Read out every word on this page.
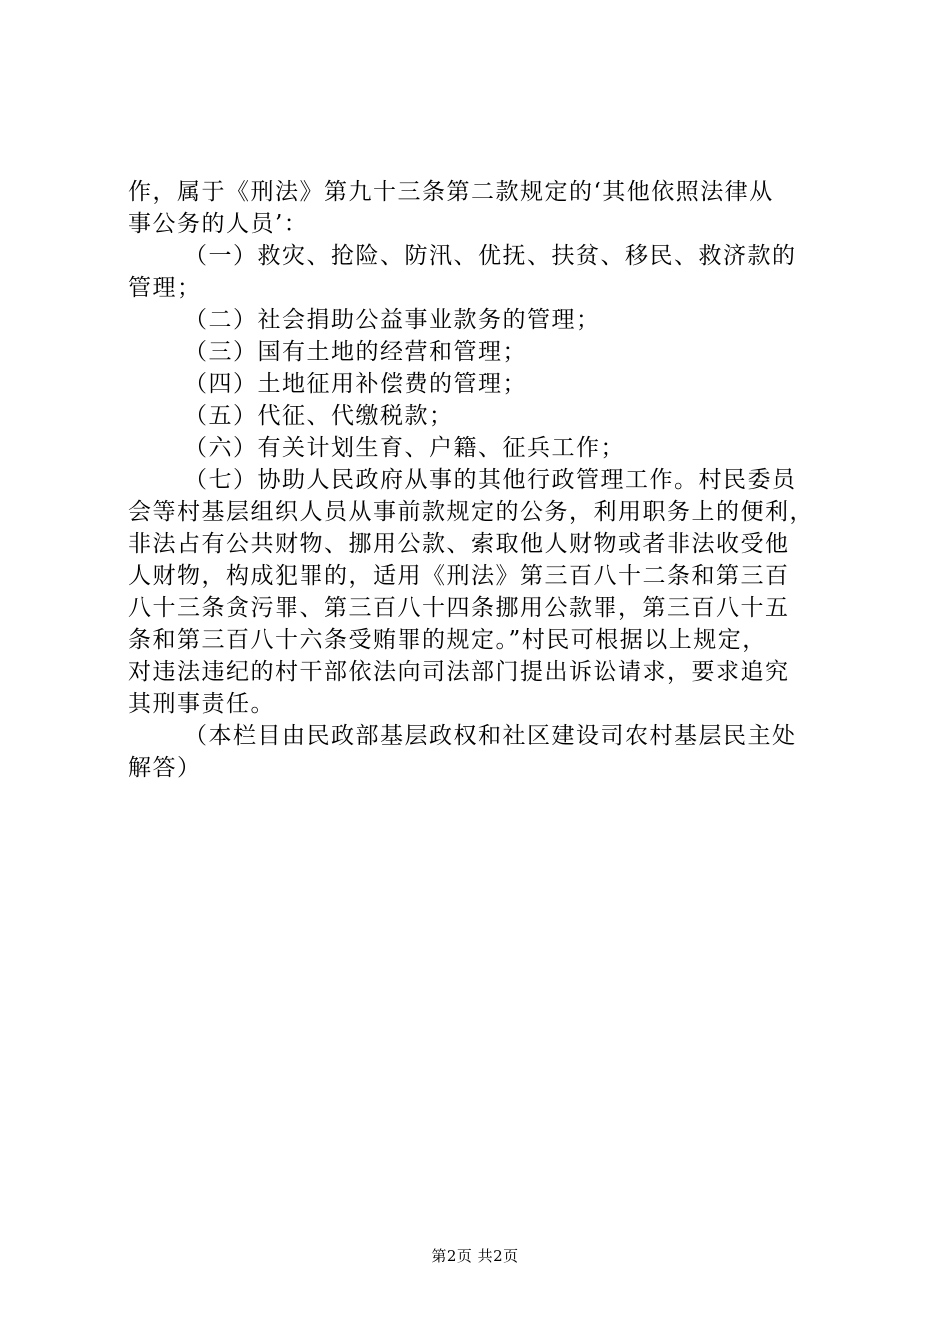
作，属于《刑法》第九十三条第二款规定的‘其他依照法律从
事公务的人员’：
（一）救灾、抢险、防汛、优抚、扶贫、移民、救济款的
管理；
（二）社会捐助公益事业款务的管理；
（三）国有土地的经营和管理；
（四）土地征用补偿费的管理；
（五）代征、代缴税款；
（六）有关计划生育、户籍、征兵工作；
（七）协助人民政府从事的其他行政管理工作。村民委员
会等村基层组织人员从事前款规定的公务，利用职务上的便利，
非法占有公共财物、挪用公款、索取他人财物或者非法收受他
人财物，构成犯罪的，适用《刑法》第三百八十二条和第三百
八十三条贪污罪、第三百八十四条挪用公款罪，第三百八十五
条和第三百八十六条受贿罪的规定。”村民可根据以上规定，
对违法违纪的村干部依法向司法部门提出诉讼请求，要求追究
其刑事责任。
（本栏目由民政部基层政权和社区建设司农村基层民主处
解答）
第2页 共2页
